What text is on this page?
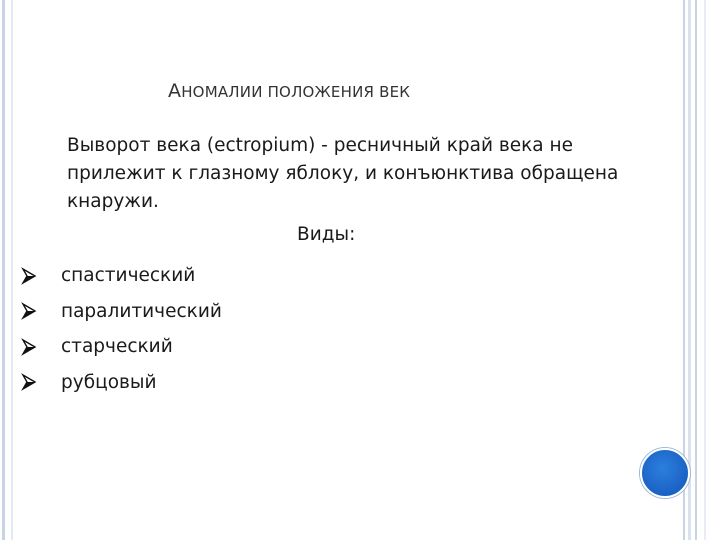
АНОМАЛИИ ПОЛОЖЕНИЯ ВЕК
Выворот века (ectropium) - ресничный край века не прилежит к глазному яблоку, и конъюнктива обращена кнаружи.
Виды:
спастический
паралитический
старческий
рубцовый
